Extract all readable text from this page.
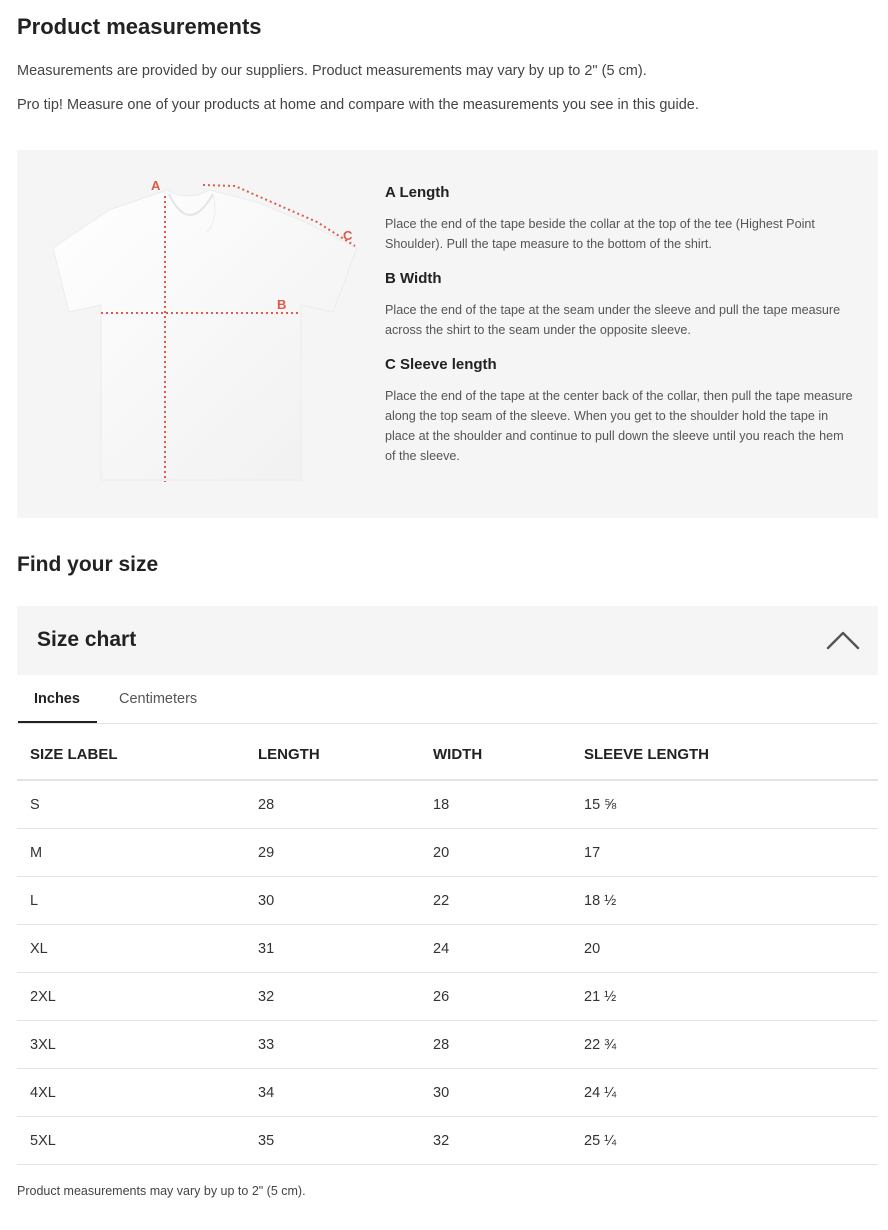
Product measurements
Measurements are provided by our suppliers. Product measurements may vary by up to 2" (5 cm).
Pro tip! Measure one of your products at home and compare with the measurements you see in this guide.
A
B
C
A Length
Place the end of the tape beside the collar at the top of the tee (Highest Point Shoulder). Pull the tape measure to the bottom of the shirt.
B Width
Place the end of the tape at the seam under the sleeve and pull the tape measure across the shirt to the seam under the opposite sleeve.
C Sleeve length
Place the end of the tape at the center back of the collar, then pull the tape measure along the top seam of the sleeve. When you get to the shoulder hold the tape in place at the shoulder and continue to pull down the sleeve until you reach the hem of the sleeve.
Find your size
Size chart
Inches	Centimeters
SIZE LABEL	LENGTH	WIDTH	SLEEVE LENGTH
S	28	18	15 ⅝
M	29	20	17
L	30	22	18 ½
XL	31	24	20
2XL	32	26	21 ½
3XL	33	28	22 ¾
4XL	34	30	24 ¼
5XL	35	32	25 ¼
Product measurements may vary by up to 2" (5 cm).
